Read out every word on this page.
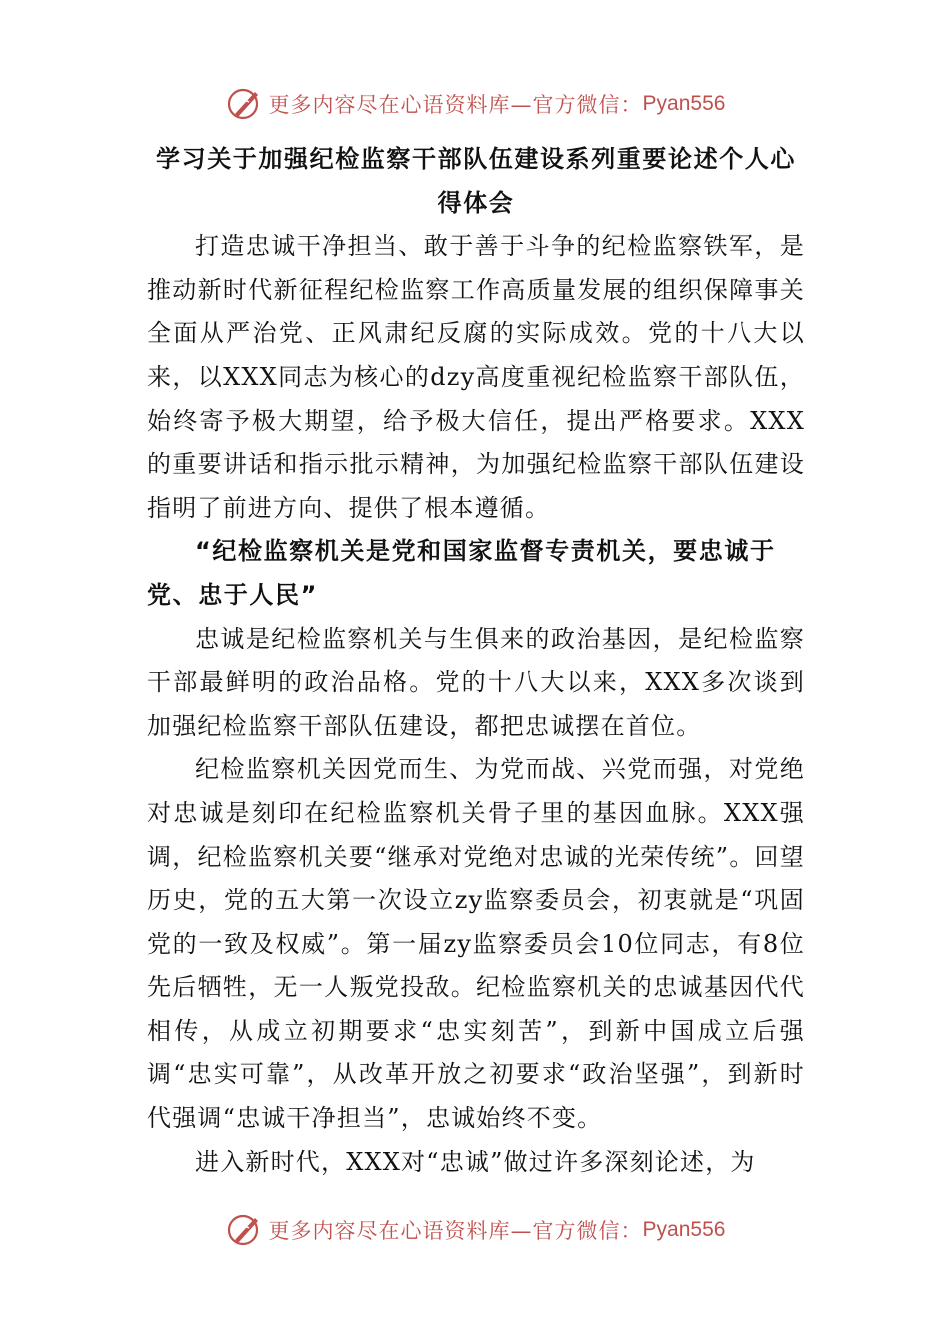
更多内容尽在心语资料库—官方微信： Pyan556
学习关于加强纪检监察干部队伍建设系列重要论述个人心得体会

打造忠诚干净担当、敢于善于斗争的纪检监察铁军，是推动新时代新征程纪检监察工作高质量发展的组织保障事关全面从严治党、正风肃纪反腐的实际成效。党的十八大以来，以XXX同志为核心的dzy高度重视纪检监察干部队伍，始终寄予极大期望，给予极大信任，提出严格要求。XXX的重要讲话和指示批示精神，为加强纪检监察干部队伍建设指明了前进方向、提供了根本遵循。

“纪检监察机关是党和国家监督专责机关，要忠诚于党、忠于人民”

忠诚是纪检监察机关与生俱来的政治基因，是纪检监察干部最鲜明的政治品格。党的十八大以来，XXX多次谈到加强纪检监察干部队伍建设，都把忠诚摆在首位。

纪检监察机关因党而生、为党而战、兴党而强，对党绝对忠诚是刻印在纪检监察机关骨子里的基因血脉。XXX强调，纪检监察机关要“继承对党绝对忠诚的光荣传统”。回望历史，党的五大第一次设立zy监察委员会，初衷就是“巩固党的一致及权威”。第一届zy监察委员会10位同志，有8位先后牺牲，无一人叛党投敌。纪检监察机关的忠诚基因代代相传，从成立初期要求“忠实刻苦”，到新中国成立后强调“忠实可靠”，从改革开放之初要求“政治坚强”，到新时代强调“忠诚干净担当”，忠诚始终不变。

进入新时代，XXX对“忠诚”做过许多深刻论述，为

更多内容尽在心语资料库—官方微信： Pyan556
